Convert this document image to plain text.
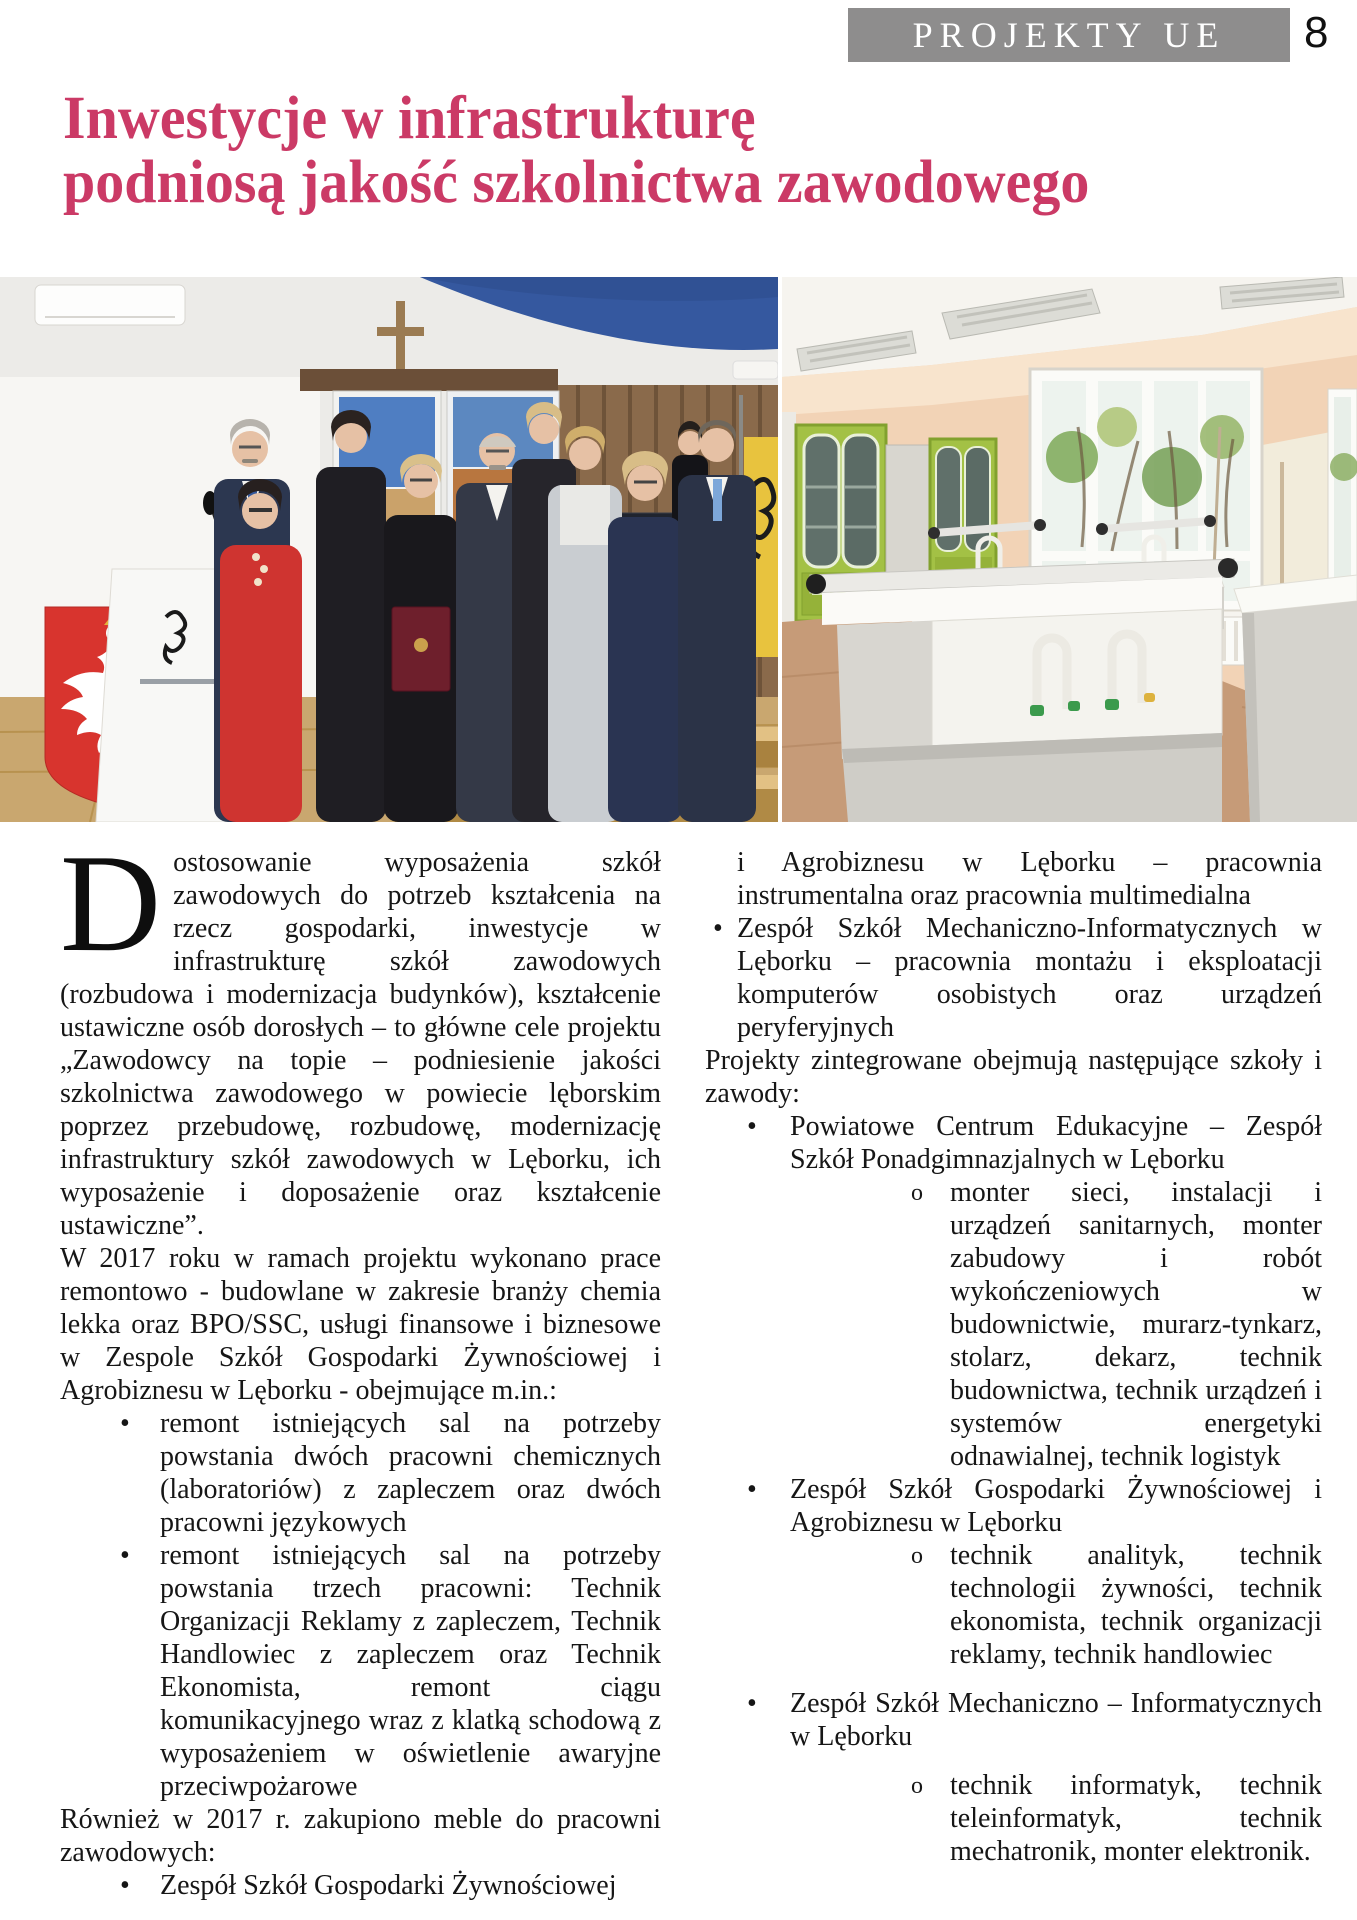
PROJEKTY UE 8
Inwestycje w infrastrukturę
podniosą jakość szkolnictwa zawodowego

Dostosowanie wyposażenia szkół zawodowych do potrzeb kształcenia na rzecz gospodarki, inwestycje w infrastrukturę szkół zawodowych (rozbudowa i modernizacja budynków), kształcenie ustawiczne osób dorosłych – to główne cele projektu „Zawodowcy na topie – podniesienie jakości szkolnictwa zawodowego w powiecie lęborskim poprzez przebudowę, rozbudowę, modernizację infrastruktury szkół zawodowych w Lęborku, ich wyposażenie i doposażenie oraz kształcenie ustawiczne”.

W 2017 roku w ramach projektu wykonano prace remontowo - budowlane w zakresie branży chemia lekka oraz BPO/SSC, usługi finansowe i biznesowe w Zespole Szkół Gospodarki Żywnościowej i Agrobiznesu w Lęborku - obejmujące m.in.:

• remont istniejących sal na potrzeby powstania dwóch pracowni chemicznych (laboratoriów) z zapleczem oraz dwóch pracowni językowych
• remont istniejących sal na potrzeby powstania trzech pracowni: Technik Organizacji Reklamy z zapleczem, Technik Handlowiec z zapleczem oraz Technik Ekonomista, remont ciągu komunikacyjnego wraz z klatką schodową z wyposażeniem w oświetlenie awaryjne przeciwpożarowe

Również w 2017 r. zakupiono meble do pracowni zawodowych:

• Zespół Szkół Gospodarki Żywnościowej

i Agrobiznesu w Lęborku – pracownia instrumentalna oraz pracownia multimedialna

• Zespół Szkół Mechaniczno-Informatycznych w Lęborku – pracownia montażu i eksploatacji komputerów osobistych oraz urządzeń peryferyjnych

Projekty zintegrowane obejmują następujące szkoły i zawody:

• Powiatowe Centrum Edukacyjne – Zespół Szkół Ponadgimnazjalnych w Lęborku
o monter sieci, instalacji i urządzeń sanitarnych, monter zabudowy i robót wykończeniowych w budownictwie, murarz-tynkarz, stolarz, dekarz, technik budownictwa, technik urządzeń i systemów energetyki odnawialnej, technik logistyk
• Zespół Szkół Gospodarki Żywnościowej i Agrobiznesu w Lęborku
o technik analityk, technik technologii żywności, technik ekonomista, technik organizacji reklamy, technik handlowiec
• Zespół Szkół Mechaniczno – Informatycznych w Lęborku
o technik informatyk, technik teleinformatyk, technik mechatronik, monter elektronik.
